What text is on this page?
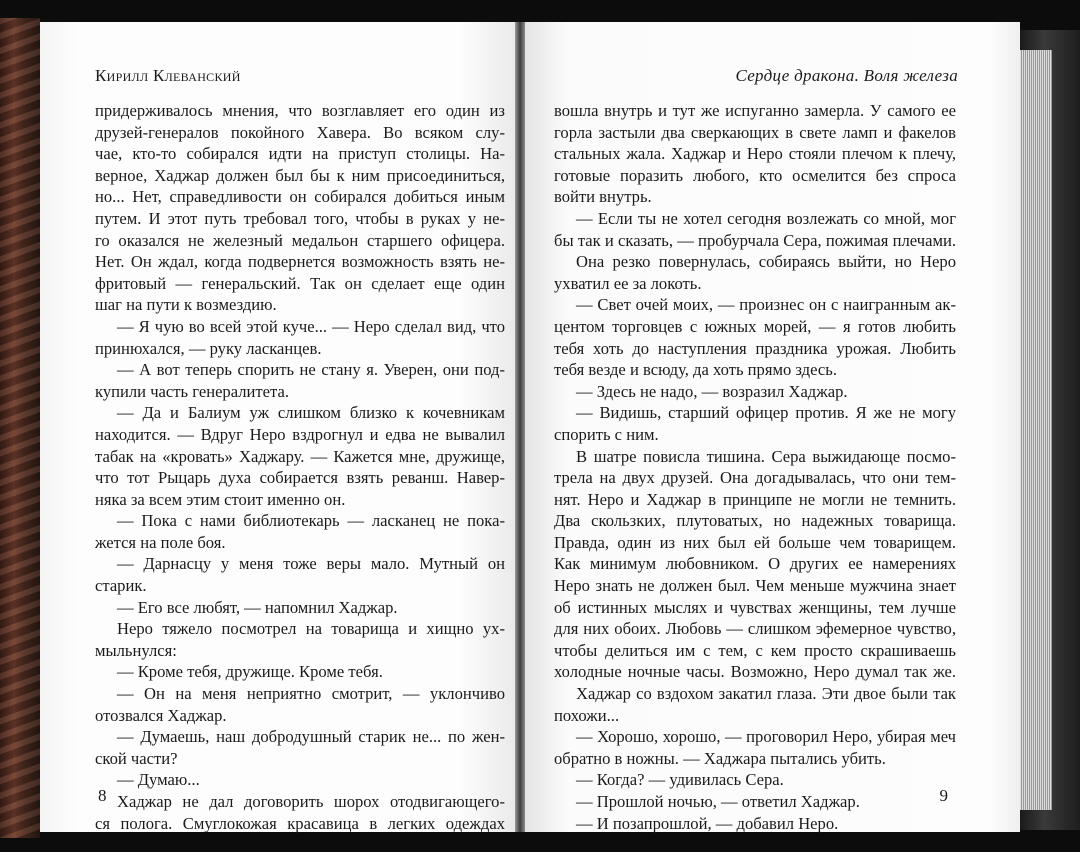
Кирилл Клеванский
придерживалось мнения, что возглавляет его один из
друзей-генералов покойного Хавера. Во всяком слу-
чае, кто-то собирался идти на приступ столицы. На-
верное, Хаджар должен был бы к ним присоединиться,
но... Нет, справедливости он собирался добиться иным
путем. И этот путь требовал того, чтобы в руках у не-
го оказался не железный медальон старшего офицера.
Нет. Он ждал, когда подвернется возможность взять не-
фритовый — генеральский. Так он сделает еще один
шаг на пути к возмездию.
— Я чую во всей этой куче... — Неро сделал вид, что
принюхался, — руку ласканцев.
— А вот теперь спорить не стану я. Уверен, они под-
купили часть генералитета.
— Да и Балиум уж слишком близко к кочевникам
находится. — Вдруг Неро вздрогнул и едва не вывалил
табак на «кровать» Хаджару. — Кажется мне, дружище,
что тот Рыцарь духа собирается взять реванш. Навер-
няка за всем этим стоит именно он.
— Пока с нами библиотекарь — ласканец не пока-
жется на поле боя.
— Дарнасцу у меня тоже веры мало. Мутный он
старик.
— Его все любят, — напомнил Хаджар.
Неро тяжело посмотрел на товарища и хищно ух-
мыльнулся:
— Кроме тебя, дружище. Кроме тебя.
— Он на меня неприятно смотрит, — уклончиво
отозвался Хаджар.
— Думаешь, наш добродушный старик не... по жен-
ской части?
— Думаю...
Хаджар не дал договорить шорох отодвигающего-
ся полога. Смуглокожая красавица в легких одеждах
8
Сердце дракона. Воля железа
вошла внутрь и тут же испуганно замерла. У самого ее
горла застыли два сверкающих в свете ламп и факелов
стальных жала. Хаджар и Неро стояли плечом к плечу,
готовые поразить любого, кто осмелится без спроса
войти внутрь.
— Если ты не хотел сегодня возлежать со мной, мог
бы так и сказать, — пробурчала Сера, пожимая плечами.
Она резко повернулась, собираясь выйти, но Неро
ухватил ее за локоть.
— Свет очей моих, — произнес он с наигранным ак-
центом торговцев с южных морей, — я готов любить
тебя хоть до наступления праздника урожая. Любить
тебя везде и всюду, да хоть прямо здесь.
— Здесь не надо, — возразил Хаджар.
— Видишь, старший офицер против. Я же не могу
спорить с ним.
В шатре повисла тишина. Сера выжидающе посмо-
трела на двух друзей. Она догадывалась, что они тем-
нят. Неро и Хаджар в принципе не могли не темнить.
Два скользких, плутоватых, но надежных товарища.
Правда, один из них был ей больше чем товарищем.
Как минимум любовником. О других ее намерениях
Неро знать не должен был. Чем меньше мужчина знает
об истинных мыслях и чувствах женщины, тем лучше
для них обоих. Любовь — слишком эфемерное чувство,
чтобы делиться им с тем, с кем просто скрашиваешь
холодные ночные часы. Возможно, Неро думал так же.
Хаджар со вздохом закатил глаза. Эти двое были так
похожи...
— Хорошо, хорошо, — проговорил Неро, убирая меч
обратно в ножны. — Хаджара пытались убить.
— Когда? — удивилась Сера.
— Прошлой ночью, — ответил Хаджар.
— И позапрошлой, — добавил Неро.
9
